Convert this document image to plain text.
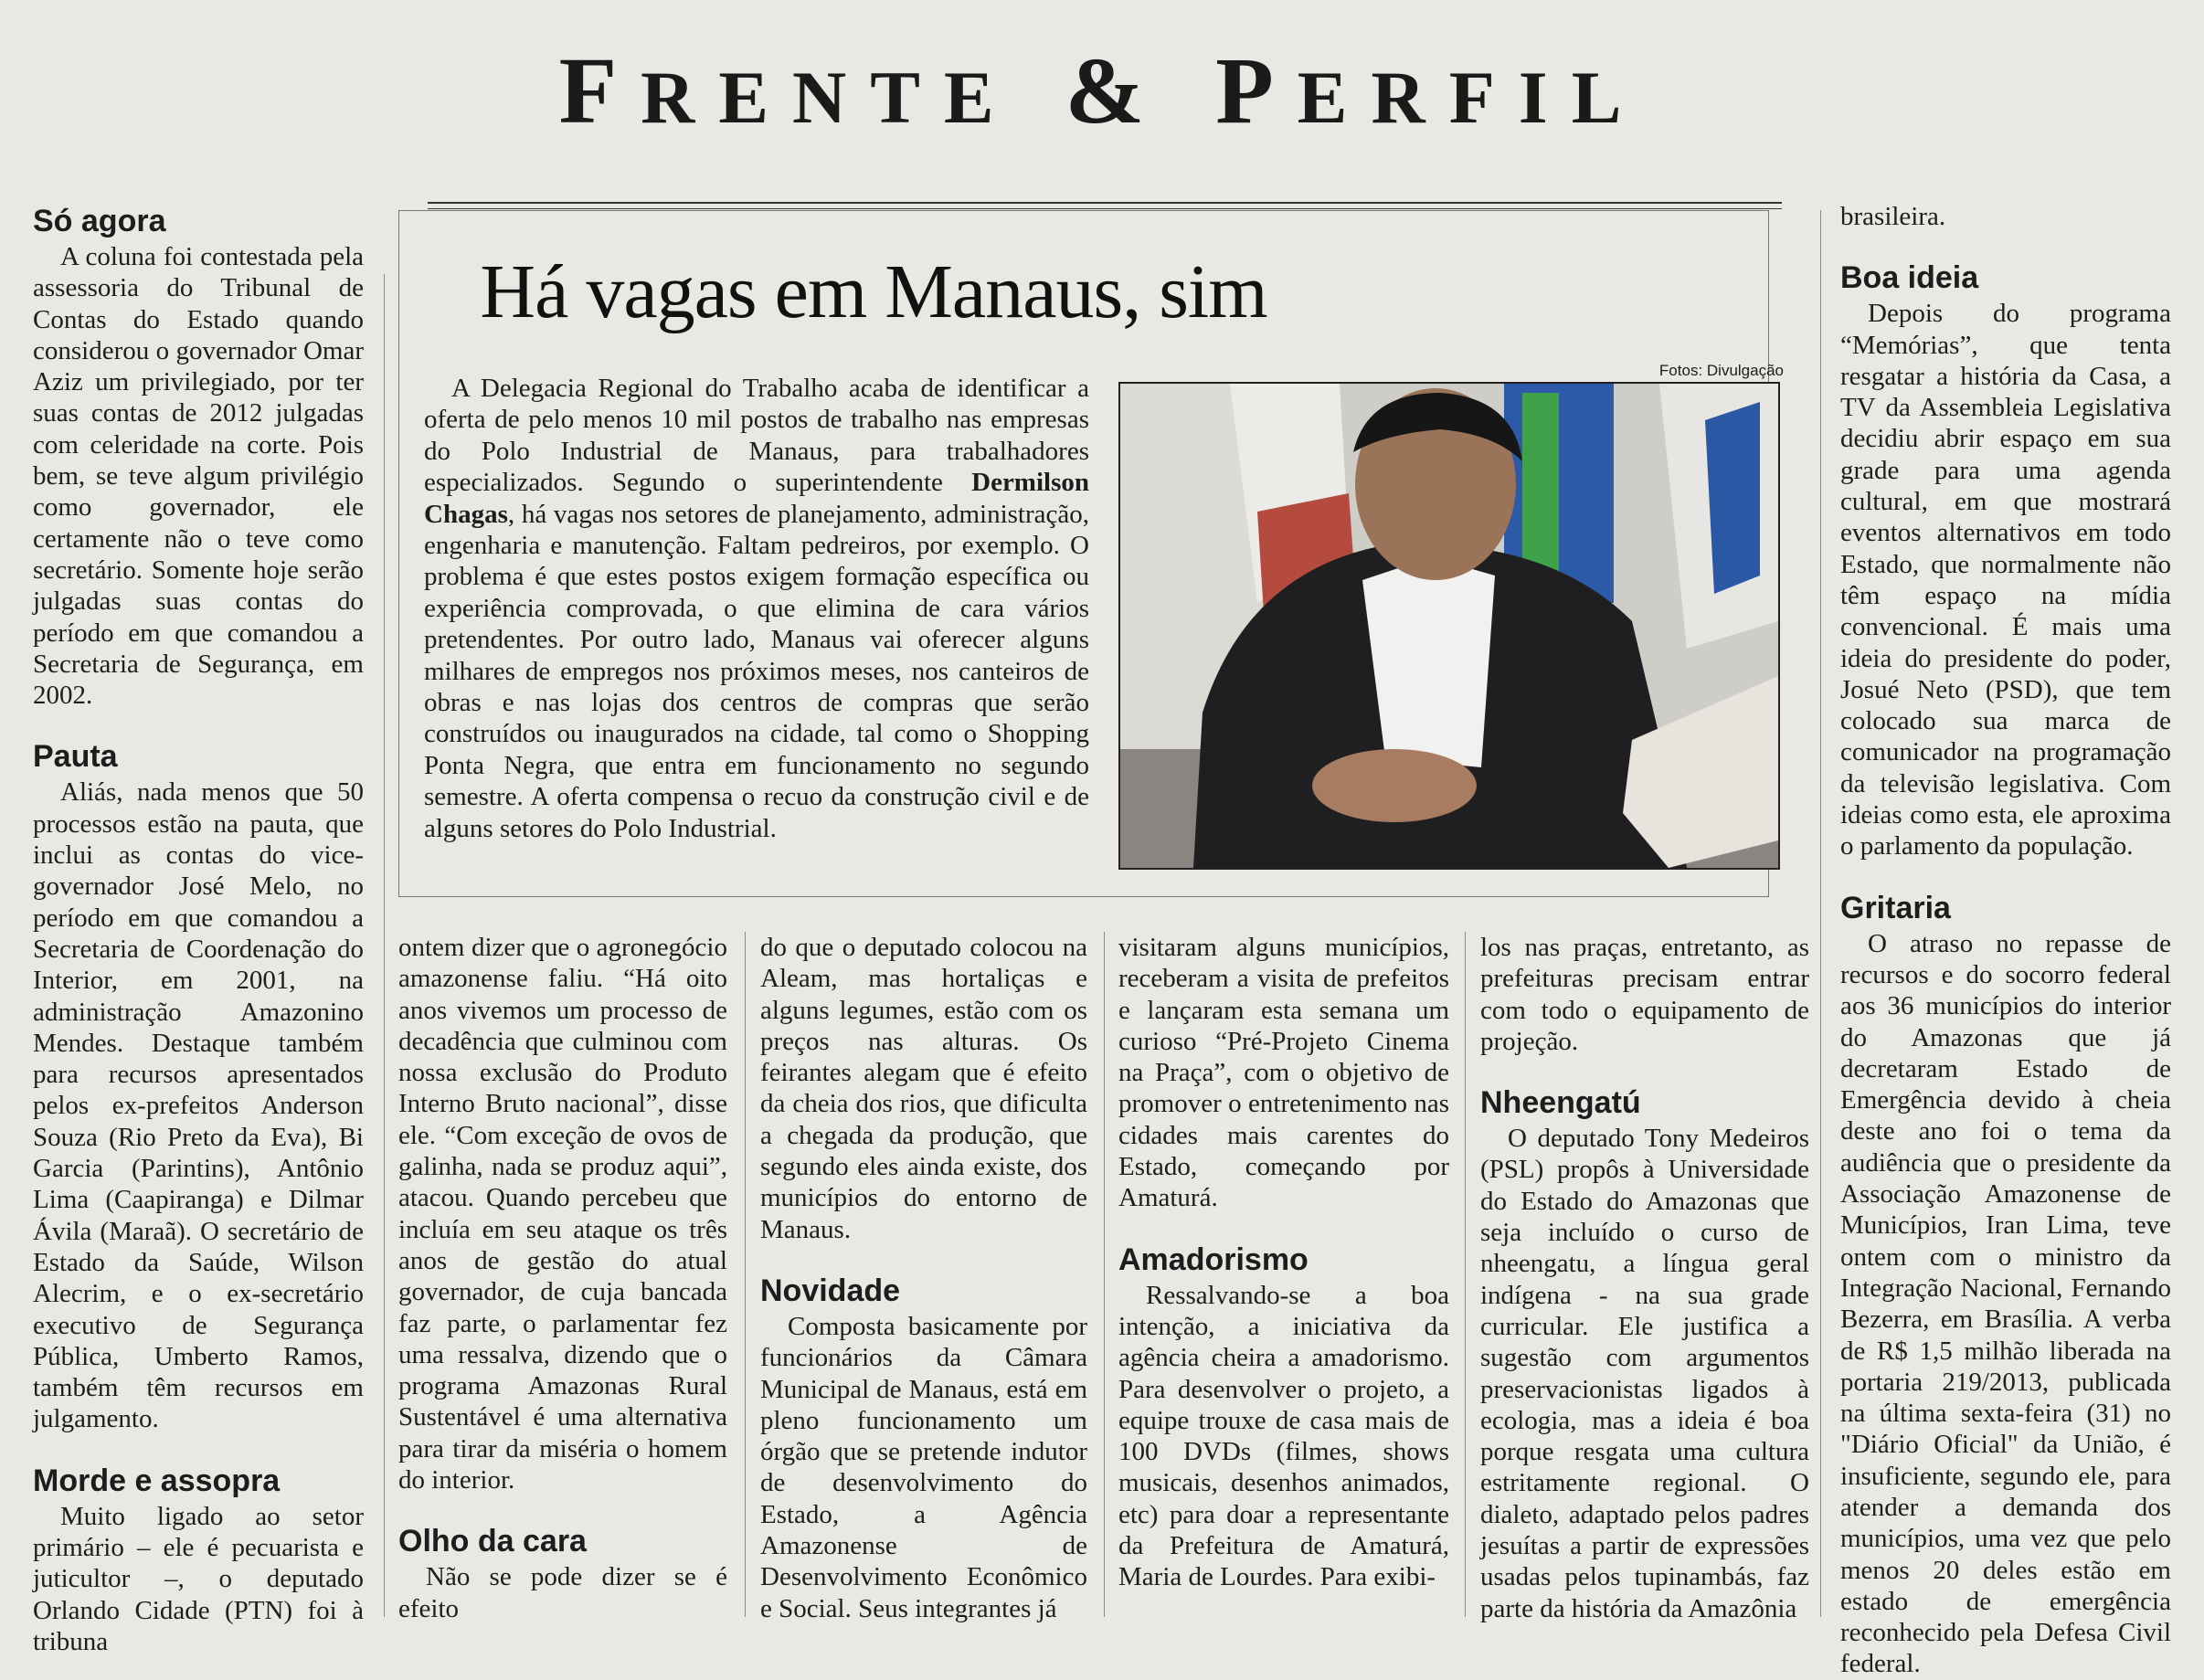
FRENTE & PERFIL
Há vagas em Manaus, sim
Fotos: Divulgação

A Delegacia Regional do Trabalho acaba de identificar a oferta de pelo menos 10 mil postos de trabalho nas empresas do Polo Industrial de Manaus, para trabalhadores especializados. Segundo o superintendente Dermilson Chagas, há vagas nos setores de planejamento, administração, engenharia e manutenção. Faltam pedreiros, por exemplo. O problema é que estes postos exigem formação específica ou experiência comprovada, o que elimina de cara vários pretendentes. Por outro lado, Manaus vai oferecer alguns milhares de empregos nos próximos meses, nos canteiros de obras e nas lojas dos centros de compras que serão construídos ou inaugurados na cidade, tal como o Shopping Ponta Negra, que entra em funcionamento no segundo semestre. A oferta compensa o recuo da construção civil e de alguns setores do Polo Industrial.

Só agora

A coluna foi contestada pela assessoria do Tribunal de Contas do Estado quando considerou o governador Omar Aziz um privilegiado, por ter suas contas de 2012 julgadas com celeridade na corte. Pois bem, se teve algum privilégio como governador, ele certamente não o teve como secretário. Somente hoje serão julgadas suas contas do período em que comandou a Secretaria de Segurança, em 2002.

Pauta

Aliás, nada menos que 50 processos estão na pauta, que inclui as contas do vice-governador José Melo, no período em que comandou a Secretaria de Coordenação do Interior, em 2001, na administração Amazonino Mendes. Destaque também para recursos apresentados pelos ex-prefeitos Anderson Souza (Rio Preto da Eva), Bi Garcia (Parintins), Antônio Lima (Caapiranga) e Dilmar Ávila (Maraã). O secretário de Estado da Saúde, Wilson Alecrim, e o ex-secretário executivo de Segurança Pública, Umberto Ramos, também têm recursos em julgamento.

Morde e assopra

Muito ligado ao setor primário – ele é pecuarista e juticultor –, o deputado Orlando Cidade (PTN) foi à tribuna

ontem dizer que o agronegócio amazonense faliu. “Há oito anos vivemos um processo de decadência que culminou com nossa exclusão do Produto Interno Bruto nacional”, disse ele. “Com exceção de ovos de galinha, nada se produz aqui”, atacou. Quando percebeu que incluía em seu ataque os três anos de gestão do atual governador, de cuja bancada faz parte, o parlamentar fez uma ressalva, dizendo que o programa Amazonas Rural Sustentável é uma alternativa para tirar da miséria o homem do interior.

Olho da cara

Não se pode dizer se é efeito

do que o deputado colocou na Aleam, mas hortaliças e alguns legumes, estão com os preços nas alturas. Os feirantes alegam que é efeito da cheia dos rios, que dificulta a chegada da produção, que segundo eles ainda existe, dos municípios do entorno de Manaus.

Novidade

Composta basicamente por funcionários da Câmara Municipal de Manaus, está em pleno funcionamento um órgão que se pretende indutor de desenvolvimento do Estado, a Agência Amazonense de Desenvolvimento Econômico e Social. Seus integrantes já

visitaram alguns municípios, receberam a visita de prefeitos e lançaram esta semana um curioso “Pré-Projeto Cinema na Praça”, com o objetivo de promover o entretenimento nas cidades mais carentes do Estado, começando por Amaturá.

Amadorismo

Ressalvando-se a boa intenção, a iniciativa da agência cheira a amadorismo. Para desenvolver o projeto, a equipe trouxe de casa mais de 100 DVDs (filmes, shows musicais, desenhos animados, etc) para doar a representante da Prefeitura de Amaturá, Maria de Lourdes. Para exibi-

los nas praças, entretanto, as prefeituras precisam entrar com todo o equipamento de projeção.

Nheengatú

O deputado Tony Medeiros (PSL) propôs à Universidade do Estado do Amazonas que seja incluído o curso de nheengatu, a língua geral indígena - na sua grade curricular. Ele justifica a sugestão com argumentos preservacionistas ligados à ecologia, mas a ideia é boa porque resgata uma cultura estritamente regional. O dialeto, adaptado pelos padres jesuítas a partir de expressões usadas pelos tupinambás, faz parte da história da Amazônia

brasileira.

Boa ideia

Depois do programa “Memórias”, que tenta resgatar a história da Casa, a TV da Assembleia Legislativa decidiu abrir espaço em sua grade para uma agenda cultural, em que mostrará eventos alternativos em todo Estado, que normalmente não têm espaço na mídia convencional. É mais uma ideia do presidente do poder, Josué Neto (PSD), que tem colocado sua marca de comunicador na programação da televisão legislativa. Com ideias como esta, ele aproxima o parlamento da população.

Gritaria

O atraso no repasse de recursos e do socorro federal aos 36 municípios do interior do Amazonas que já decretaram Estado de Emergência devido à cheia deste ano foi o tema da audiência que o presidente da Associação Amazonense de Municípios, Iran Lima, teve ontem com o ministro da Integração Nacional, Fernando Bezerra, em Brasília. A verba de R$ 1,5 milhão liberada na portaria 219/2013, publicada na última sexta-feira (31) no "Diário Oficial" da União, é insuficiente, segundo ele, para atender a demanda dos municípios, uma vez que pelo menos 20 deles estão em estado de emergência reconhecido pela Defesa Civil federal.
